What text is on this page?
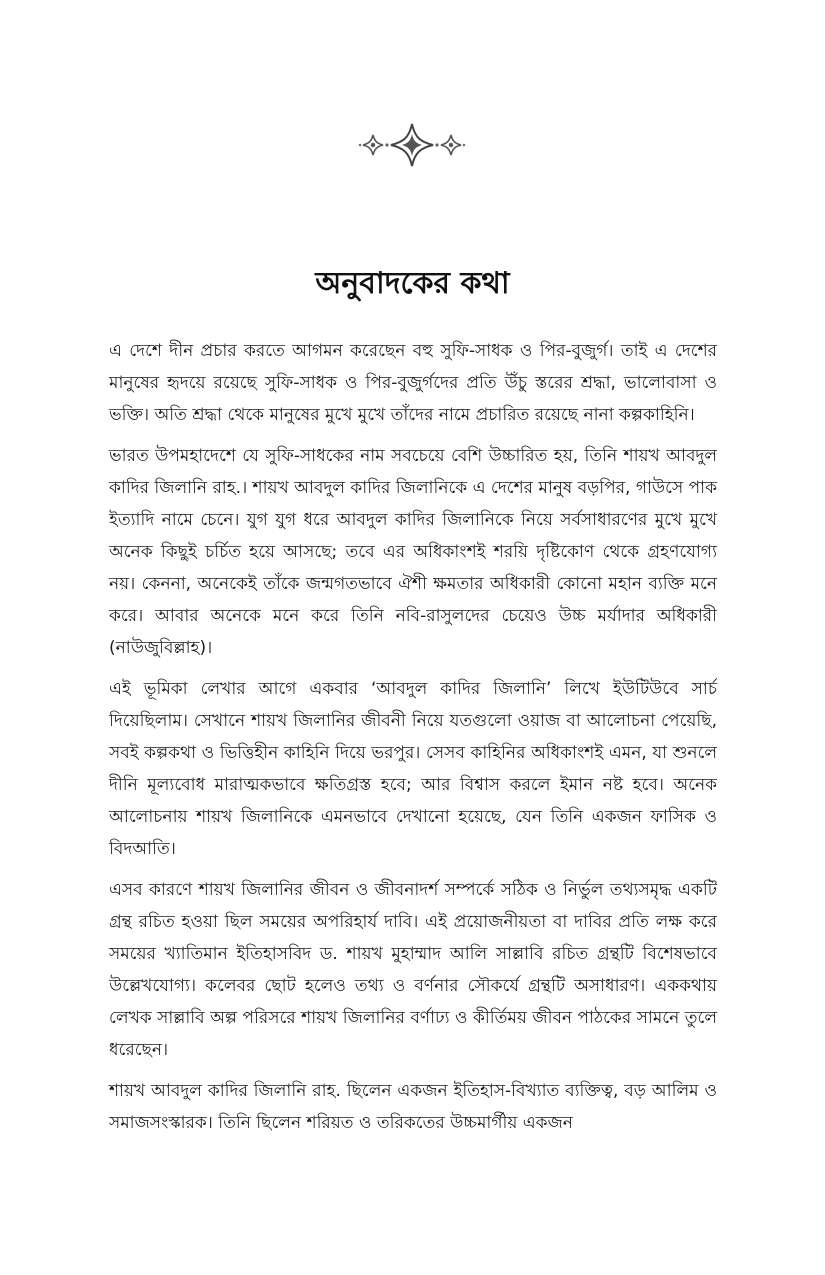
অনুবাদকের কথা

এ দেশে দীন প্রচার করতে আগমন করেছেন বহু সুফি-সাধক ও পির-বুজুর্গ। তাই এ দেশের মানুষের হৃদয়ে রয়েছে সুফি-সাধক ও পির-বুজুর্গদের প্রতি উঁচু স্তরের শ্রদ্ধা, ভালোবাসা ও ভক্তি। অতি শ্রদ্ধা থেকে মানুষের মুখে মুখে তাঁদের নামে প্রচারিত রয়েছে নানা কল্পকাহিনি।

ভারত উপমহাদেশে যে সুফি-সাধকের নাম সবচেয়ে বেশি উচ্চারিত হয়, তিনি শায়খ আবদুল কাদির জিলানি রাহ.। শায়খ আবদুল কাদির জিলানিকে এ দেশের মানুষ বড়পির, গাউসে পাক ইত্যাদি নামে চেনে। যুগ যুগ ধরে আবদুল কাদির জিলানিকে নিয়ে সর্বসাধারণের মুখে মুখে অনেক কিছুই চর্চিত হয়ে আসছে; তবে এর অধিকাংশই শরয়ি দৃষ্টিকোণ থেকে গ্রহণযোগ্য নয়। কেননা, অনেকেই তাঁকে জন্মগতভাবে ঐশী ক্ষমতার অধিকারী কোনো মহান ব্যক্তি মনে করে। আবার অনেকে মনে করে তিনি নবি-রাসুলদের চেয়েও উচ্চ মর্যাদার অধিকারী (নাউজুবিল্লাহ)।

এই ভূমিকা লেখার আগে একবার ‘আবদুল কাদির জিলানি’ লিখে ইউটিউবে সার্চ দিয়েছিলাম। সেখানে শায়খ জিলানির জীবনী নিয়ে যতগুলো ওয়াজ বা আলোচনা পেয়েছি, সবই কল্পকথা ও ভিত্তিহীন কাহিনি দিয়ে ভরপুর। সেসব কাহিনির অধিকাংশই এমন, যা শুনলে দীনি মূল্যবোধ মারাত্মকভাবে ক্ষতিগ্রস্ত হবে; আর বিশ্বাস করলে ইমান নষ্ট হবে। অনেক আলোচনায় শায়খ জিলানিকে এমনভাবে দেখানো হয়েছে, যেন তিনি একজন ফাসিক ও বিদআতি।

এসব কারণে শায়খ জিলানির জীবন ও জীবনাদর্শ সম্পর্কে সঠিক ও নির্ভুল তথ্যসমৃদ্ধ একটি গ্রন্থ রচিত হওয়া ছিল সময়ের অপরিহার্য দাবি। এই প্রয়োজনীয়তা বা দাবির প্রতি লক্ষ করে সময়ের খ্যাতিমান ইতিহাসবিদ ড. শায়খ মুহাম্মাদ আলি সাল্লাবি রচিত গ্রন্থটি বিশেষভাবে উল্লেখযোগ্য। কলেবর ছোট হলেও তথ্য ও বর্ণনার সৌকর্যে গ্রন্থটি অসাধারণ। এককথায় লেখক সাল্লাবি অল্প পরিসরে শায়খ জিলানির বর্ণাঢ্য ও কীর্তিময় জীবন পাঠকের সামনে তুলে ধরেছেন।

শায়খ আবদুল কাদির জিলানি রাহ. ছিলেন একজন ইতিহাস-বিখ্যাত ব্যক্তিত্ব, বড় আলিম ও সমাজসংস্কারক। তিনি ছিলেন শরিয়ত ও তরিকতের উচ্চমার্গীয় একজন
